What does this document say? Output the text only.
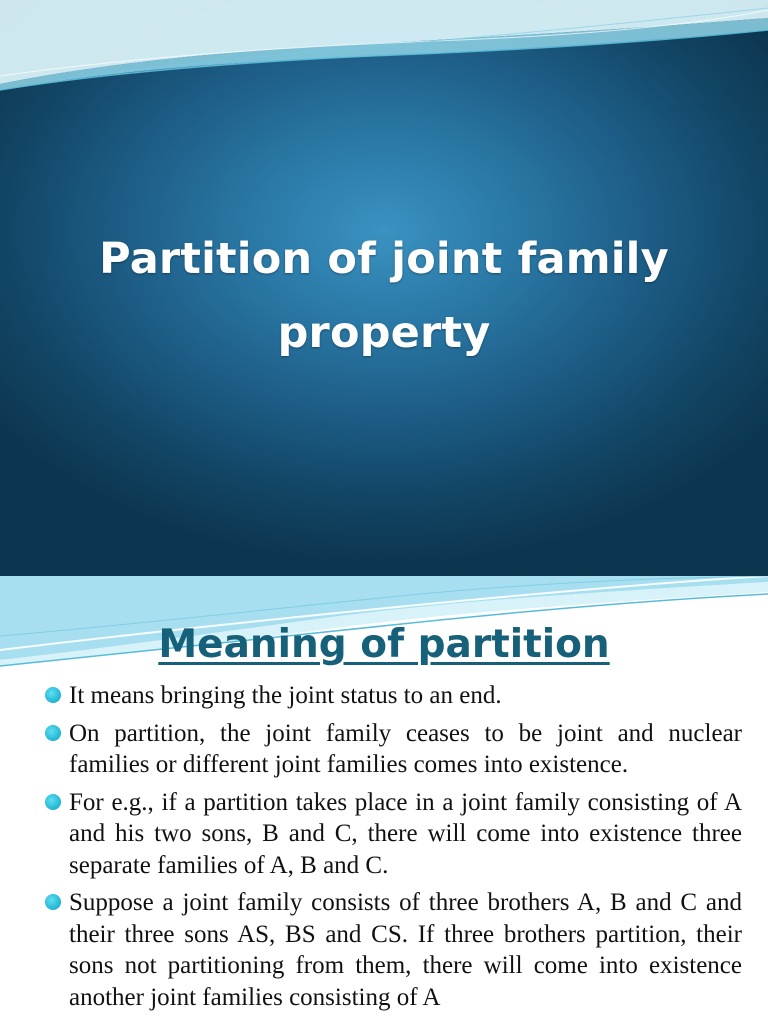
Partition of joint family property
Meaning of partition
It means bringing the joint status to an end.
On partition, the joint family ceases to be joint and nuclear families or different joint families comes into existence.
For e.g., if a partition takes place in a joint family consisting of A and his two sons, B and C, there will come into existence three separate families of A, B and C.
Suppose a joint family consists of three brothers A, B and C and their three sons AS, BS and CS. If three brothers partition, their sons not partitioning from them, there will come into existence another joint families consisting of A
